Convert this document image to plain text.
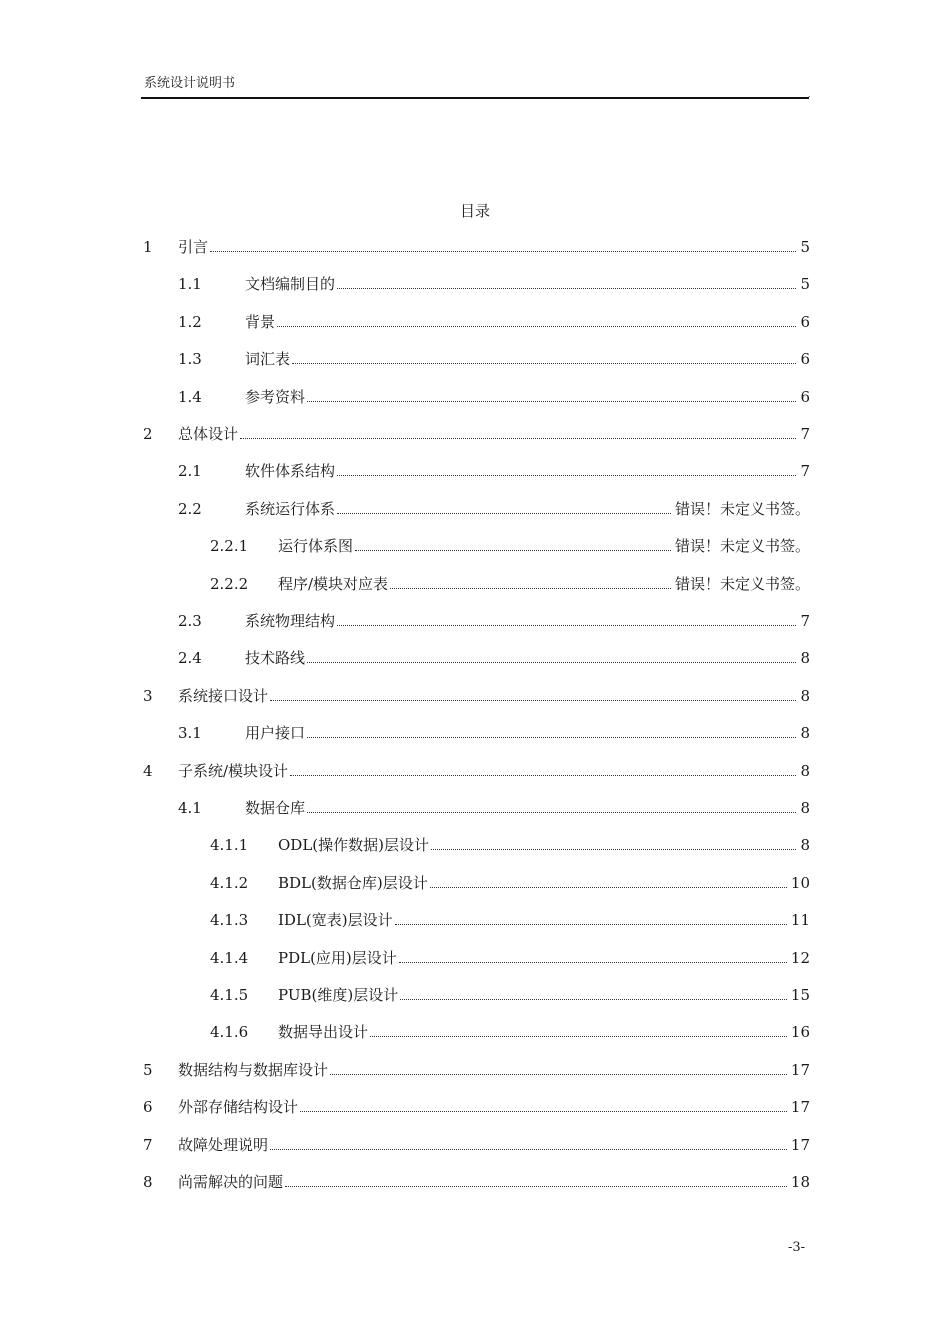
系统设计说明书
.
目录
1 引言	5
1.1	文档编制目的	5
1.2	背景	6
1.3	词汇表	6
1.4	参考资料	6
2 总体设计	7
2.1	软件体系结构	7
2.2	系统运行体系	错误！未定义书签。
2.2.1 运行体系图	错误！未定义书签。
2.2.2 程序/模块对应表	错误！未定义书签。
2.3	系统物理结构	7
2.4	技术路线	8
3 系统接口设计	8
3.1	用户接口	8
4 子系统/模块设计	8
4.1	数据仓库	8
4.1.1 ODL(操作数据)层设计	8
4.1.2 BDL(数据仓库)层设计	10
4.1.3 IDL(宽表)层设计	11
4.1.4 PDL(应用)层设计	12
4.1.5 PUB(维度)层设计	15
4.1.6 数据导出设计	16
5 数据结构与数据库设计	17
6 外部存储结构设计	17
7 故障处理说明	17
8 尚需解决的问题	18
-3-
